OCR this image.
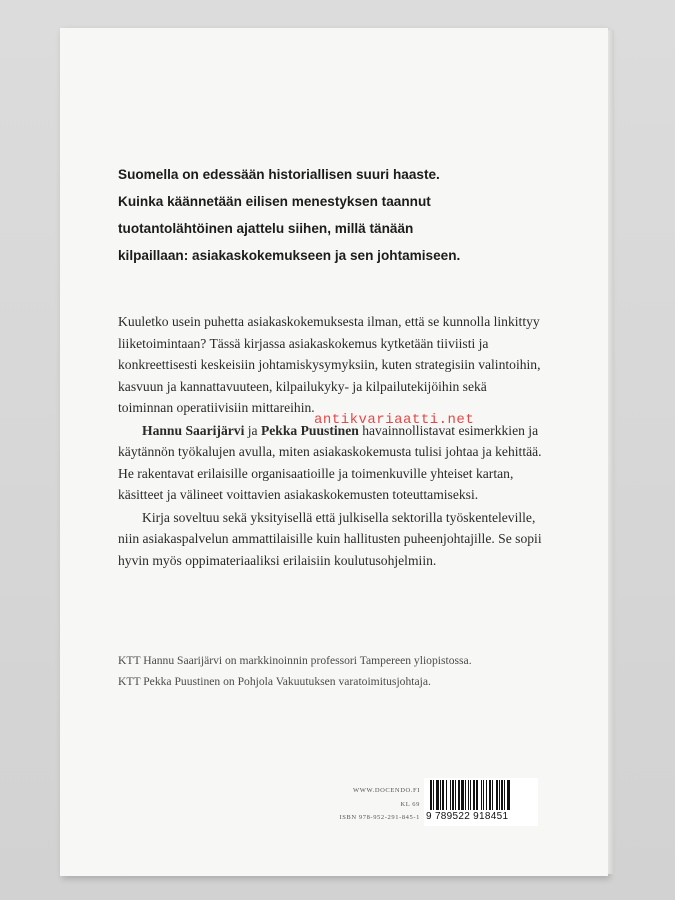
Suomella on edessään historiallisen suuri haaste.
Kuinka käännetään eilisen menestyksen taannut
tuotantolähtöinen ajattelu siihen, millä tänään
kilpaillaan: asiakaskokemukseen ja sen johtamiseen.

Kuuletko usein puhetta asiakaskokemuksesta ilman, että se kunnolla linkittyy liiketoimintaan? Tässä kirjassa asiakaskokemus kytketään tiiviisti ja konkreettisesti keskeisiin johtamiskysymyksiin, kuten strategisiin valintoihin, kasvuun ja kannattavuuteen, kilpailukyky- ja kilpailutekijöihin sekä toiminnan operatiivisiin mittareihin.

Hannu Saarijärvi ja Pekka Puustinen havainnollistavat esimerkkien ja käytännön työkalujen avulla, miten asiakaskokemusta tulisi johtaa ja kehittää. He rakentavat erilaisille organisaatioille ja toimenkuville yhteiset kartan, käsitteet ja välineet voittavien asiakaskokemusten toteuttamiseksi.

Kirja soveltuu sekä yksityisellä että julkisella sektorilla työskenteleville, niin asiakaspalvelun ammattilaisille kuin hallitusten puheenjohtajille. Se sopii hyvin myös oppimateriaaliksi erilaisiin koulutusohjelmiin.

KTT Hannu Saarijärvi on markkinoinnin professori Tampereen yliopistossa.
KTT Pekka Puustinen on Pohjola Vakuutuksen varatoimitusjohtaja.
antikvariaatti.net
WWW.DOCENDO.FI
KL 69
ISBN 978-952-291-845-1 9 789522 918451
